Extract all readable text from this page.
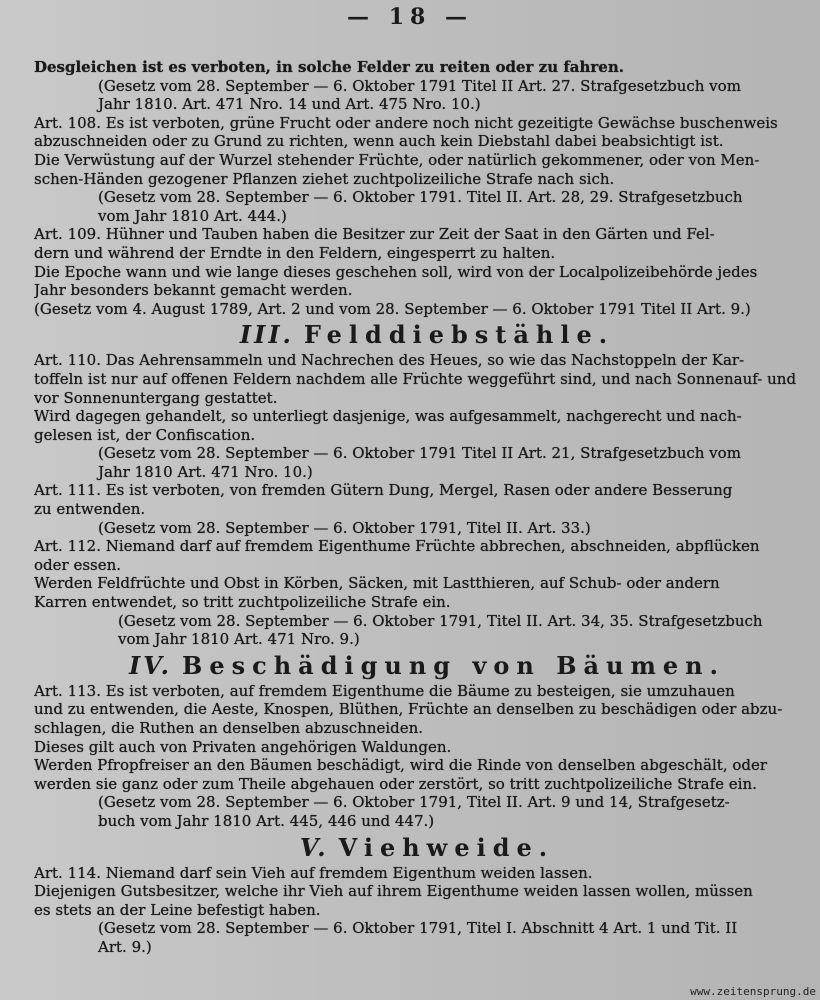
— 18 —
Desgleichen ist es verboten, in solche Felder zu reiten oder zu fahren.
(Gesetz vom 28. September — 6. Oktober 1791 Titel II Art. 27. Strafgesetzbuch vom
Jahr 1810. Art. 471 Nro. 14 und Art. 475 Nro. 10.)
Art. 108. Es ist verboten, grüne Frucht oder andere noch nicht gezeitigte Gewächse buschenweis
abzuschneiden oder zu Grund zu richten, wenn auch kein Diebstahl dabei beabsichtigt ist.
Die Verwüstung auf der Wurzel stehender Früchte, oder natürlich gekommener, oder von Men-
schen-Händen gezogener Pflanzen ziehet zuchtpolizeiliche Strafe nach sich.
(Gesetz vom 28. September — 6. Oktober 1791. Titel II. Art. 28, 29. Strafgesetzbuch
vom Jahr 1810 Art. 444.)
Art. 109. Hühner und Tauben haben die Besitzer zur Zeit der Saat in den Gärten und Fel-
dern und während der Erndte in den Feldern, eingesperrt zu halten.
Die Epoche wann und wie lange dieses geschehen soll, wird von der Localpolizeibehörde jedes
Jahr besonders bekannt gemacht werden.
(Gesetz vom 4. August 1789, Art. 2 und vom 28. September — 6. Oktober 1791 Titel II Art. 9.)
III. Felddiebstähle.
Art. 110. Das Aehrensammeln und Nachrechen des Heues, so wie das Nachstoppeln der Kar-
toffeln ist nur auf offenen Feldern nachdem alle Früchte weggeführt sind, und nach Sonnenauf- und
vor Sonnenuntergang gestattet.
Wird dagegen gehandelt, so unterliegt dasjenige, was aufgesammelt, nachgerecht und nach-
gelesen ist, der Confiscation.
(Gesetz vom 28. September — 6. Oktober 1791 Titel II Art. 21, Strafgesetzbuch vom
Jahr 1810 Art. 471 Nro. 10.)
Art. 111. Es ist verboten, von fremden Gütern Dung, Mergel, Rasen oder andere Besserung
zu entwenden.
(Gesetz vom 28. September — 6. Oktober 1791, Titel II. Art. 33.)
Art. 112. Niemand darf auf fremdem Eigenthume Früchte abbrechen, abschneiden, abpflücken
oder essen.
Werden Feldfrüchte und Obst in Körben, Säcken, mit Lastthieren, auf Schub- oder andern
Karren entwendet, so tritt zuchtpolizeiliche Strafe ein.
(Gesetz vom 28. September — 6. Oktober 1791, Titel II. Art. 34, 35. Strafgesetzbuch
vom Jahr 1810 Art. 471 Nro. 9.)
IV. Beschädigung von Bäumen.
Art. 113. Es ist verboten, auf fremdem Eigenthume die Bäume zu besteigen, sie umzuhauen
und zu entwenden, die Aeste, Knospen, Blüthen, Früchte an denselben zu beschädigen oder abzu-
schlagen, die Ruthen an denselben abzuschneiden.
Dieses gilt auch von Privaten angehörigen Waldungen.
Werden Pfropfreiser an den Bäumen beschädigt, wird die Rinde von denselben abgeschält, oder
werden sie ganz oder zum Theile abgehauen oder zerstört, so tritt zuchtpolizeiliche Strafe ein.
(Gesetz vom 28. September — 6. Oktober 1791, Titel II. Art. 9 und 14, Strafgesetz-
buch vom Jahr 1810 Art. 445, 446 und 447.)
V. Viehweide.
Art. 114. Niemand darf sein Vieh auf fremdem Eigenthum weiden lassen.
Diejenigen Gutsbesitzer, welche ihr Vieh auf ihrem Eigenthume weiden lassen wollen, müssen
es stets an der Leine befestigt haben.
(Gesetz vom 28. September — 6. Oktober 1791, Titel I. Abschnitt 4 Art. 1 und Tit. II
Art. 9.)
www.zeitensprung.de
